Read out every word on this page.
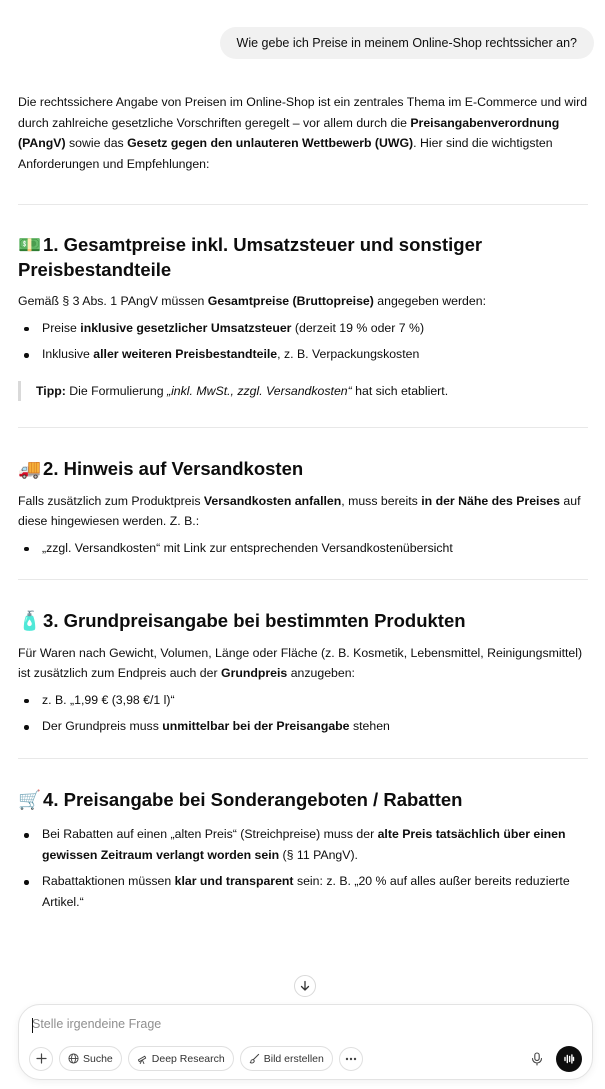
Wie gebe ich Preise in meinem Online-Shop rechtssicher an?

Die rechtssichere Angabe von Preisen im Online-Shop ist ein zentrales Thema im E-Commerce und wird durch zahlreiche gesetzliche Vorschriften geregelt – vor allem durch die Preisangabenverordnung (PAngV) sowie das Gesetz gegen den unlauteren Wettbewerb (UWG). Hier sind die wichtigsten Anforderungen und Empfehlungen:

💵 1. Gesamtpreise inkl. Umsatzsteuer und sonstiger Preisbestandteile

Gemäß § 3 Abs. 1 PAngV müssen Gesamtpreise (Bruttopreise) angegeben werden:

Preise inklusive gesetzlicher Umsatzsteuer (derzeit 19 % oder 7 %)
Inklusive aller weiteren Preisbestandteile, z. B. Verpackungskosten
Tipp: Die Formulierung „inkl. MwSt., zzgl. Versandkosten“ hat sich etabliert.
🚚 2. Hinweis auf Versandkosten

Falls zusätzlich zum Produktpreis Versandkosten anfallen, muss bereits in der Nähe des Preises auf diese hingewiesen werden. Z. B.:

„zzgl. Versandkosten“ mit Link zur entsprechenden Versandkostenübersicht
🧴 3. Grundpreisangabe bei bestimmten Produkten

Für Waren nach Gewicht, Volumen, Länge oder Fläche (z. B. Kosmetik, Lebensmittel, Reinigungsmittel) ist zusätzlich zum Endpreis auch der Grundpreis anzugeben:

z. B. „1,99 € (3,98 €/1 l)“
Der Grundpreis muss unmittelbar bei der Preisangabe stehen
🛒 4. Preisangabe bei Sonderangeboten / Rabatten
Bei Rabatten auf einen „alten Preis“ (Streichpreise) muss der alte Preis tatsächlich über einen gewissen Zeitraum verlangt worden sein (§ 11 PAngV).
Rabattaktionen müssen klar und transparent sein: z. B. „20 % auf alles außer bereits reduzierte Artikel.“
Stelle irgendeine Frage
Suche	Deep Research	Bild erstellen
